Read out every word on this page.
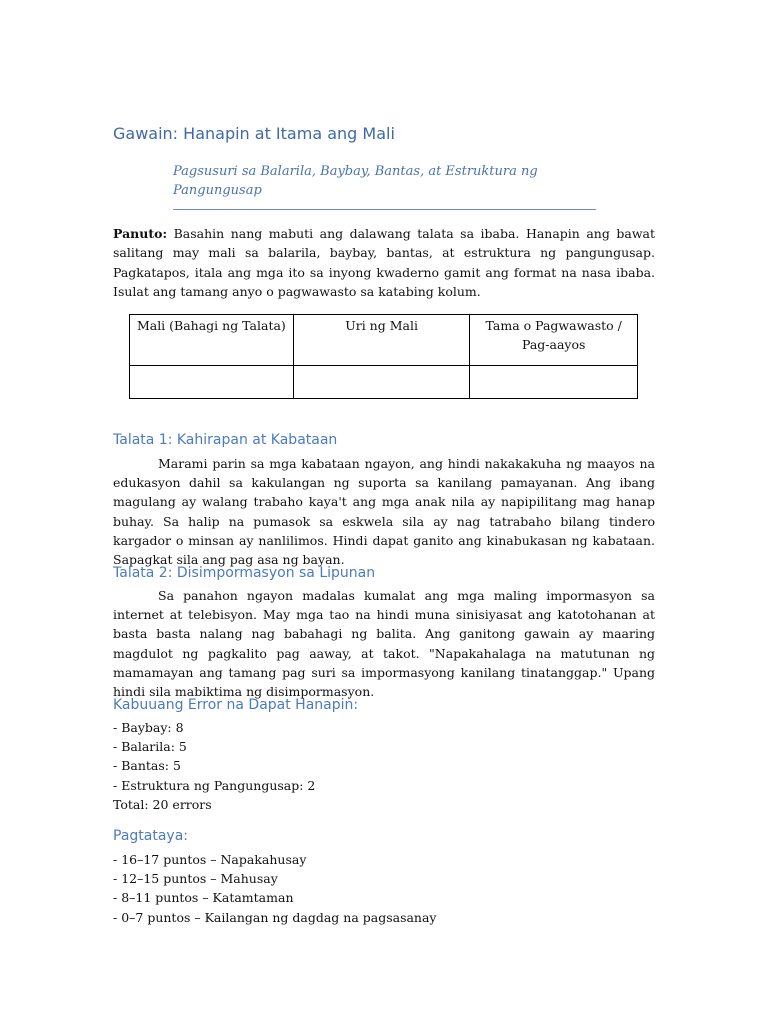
Gawain: Hanapin at Itama ang Mali
Pagsusuri sa Balarila, Baybay, Bantas, at Estruktura ng Pangungusap

Panuto: Basahin nang mabuti ang dalawang talata sa ibaba. Hanapin ang bawat salitang may mali sa balarila, baybay, bantas, at estruktura ng pangungusap. Pagkatapos, itala ang mga ito sa inyong kwaderno gamit ang format na nasa ibaba. Isulat ang tamang anyo o pagwawasto sa katabing kolum.

Mali (Bahagi ng Talata)	Uri ng Mali	Tama o Pagwawasto / Pag-aayos

Talata 1: Kahirapan at Kabataan

Marami parin sa mga kabataan ngayon, ang hindi nakakakuha ng maayos na edukasyon dahil sa kakulangan ng suporta sa kanilang pamayanan. Ang ibang magulang ay walang trabaho kaya't ang mga anak nila ay napipilitang mag hanap buhay. Sa halip na pumasok sa eskwela sila ay nag tatrabaho bilang tindero kargador o minsan ay nanlilimos. Hindi dapat ganito ang kinabukasan ng kabataan. Sapagkat sila ang pag asa ng bayan.

Talata 2: Disimpormasyon sa Lipunan

Sa panahon ngayon madalas kumalat ang mga maling impormasyon sa internet at telebisyon. May mga tao na hindi muna sinisiyasat ang katotohanan at basta basta nalang nag babahagi ng balita. Ang ganitong gawain ay maaring magdulot ng pagkalito pag aaway, at takot. "Napakahalaga na matutunan ng mamamayan ang tamang pag suri sa impormasyong kanilang tinatanggap." Upang hindi sila mabiktima ng disimpormasyon.

Kabuuang Error na Dapat Hanapin:
- Baybay: 8
- Balarila: 5
- Bantas: 5
- Estruktura ng Pangungusap: 2
Total: 20 errors
Pagtataya:
- 16–17 puntos – Napakahusay
- 12–15 puntos – Mahusay
- 8–11 puntos – Katamtaman
- 0–7 puntos – Kailangan ng dagdag na pagsasanay
